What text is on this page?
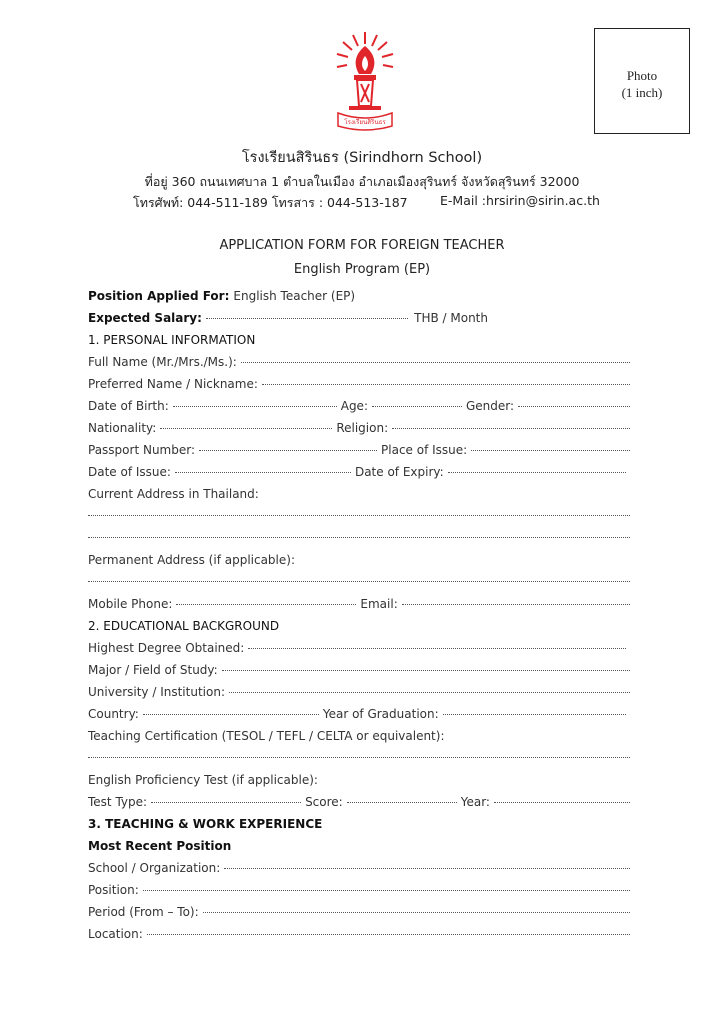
Photo
(1 inch)
โรงเรียนสิรินธร
โรงเรียนสิรินธร (Sirindhorn School)
ที่อยู่ 360 ถนนเทศบาล 1 ตำบลในเมือง อำเภอเมืองสุรินทร์ จังหวัดสุรินทร์ 32000
โทรศัพท์: 044-511-189 โทรสาร : 044-513-187	E-Mail :hrsirin@sirin.ac.th
APPLICATION FORM FOR FOREIGN TEACHER
English Program (EP)
Position Applied For: English Teacher (EP)
Expected Salary:	THB / Month
1. PERSONAL INFORMATION
Full Name (Mr./Mrs./Ms.):
Preferred Name / Nickname:
Date of Birth:	Age:	Gender:
Nationality:	Religion:
Passport Number:	Place of Issue:
Date of Issue:	Date of Expiry:
Current Address in Thailand:
Permanent Address (if applicable):
Mobile Phone:	Email:
2. EDUCATIONAL BACKGROUND
Highest Degree Obtained:
Major / Field of Study:
University / Institution:
Country:	Year of Graduation:
Teaching Certification (TESOL / TEFL / CELTA or equivalent):
English Proficiency Test (if applicable):
Test Type:	Score:	Year:
3. TEACHING & WORK EXPERIENCE
Most Recent Position
School / Organization:
Position:
Period (From – To):
Location:
